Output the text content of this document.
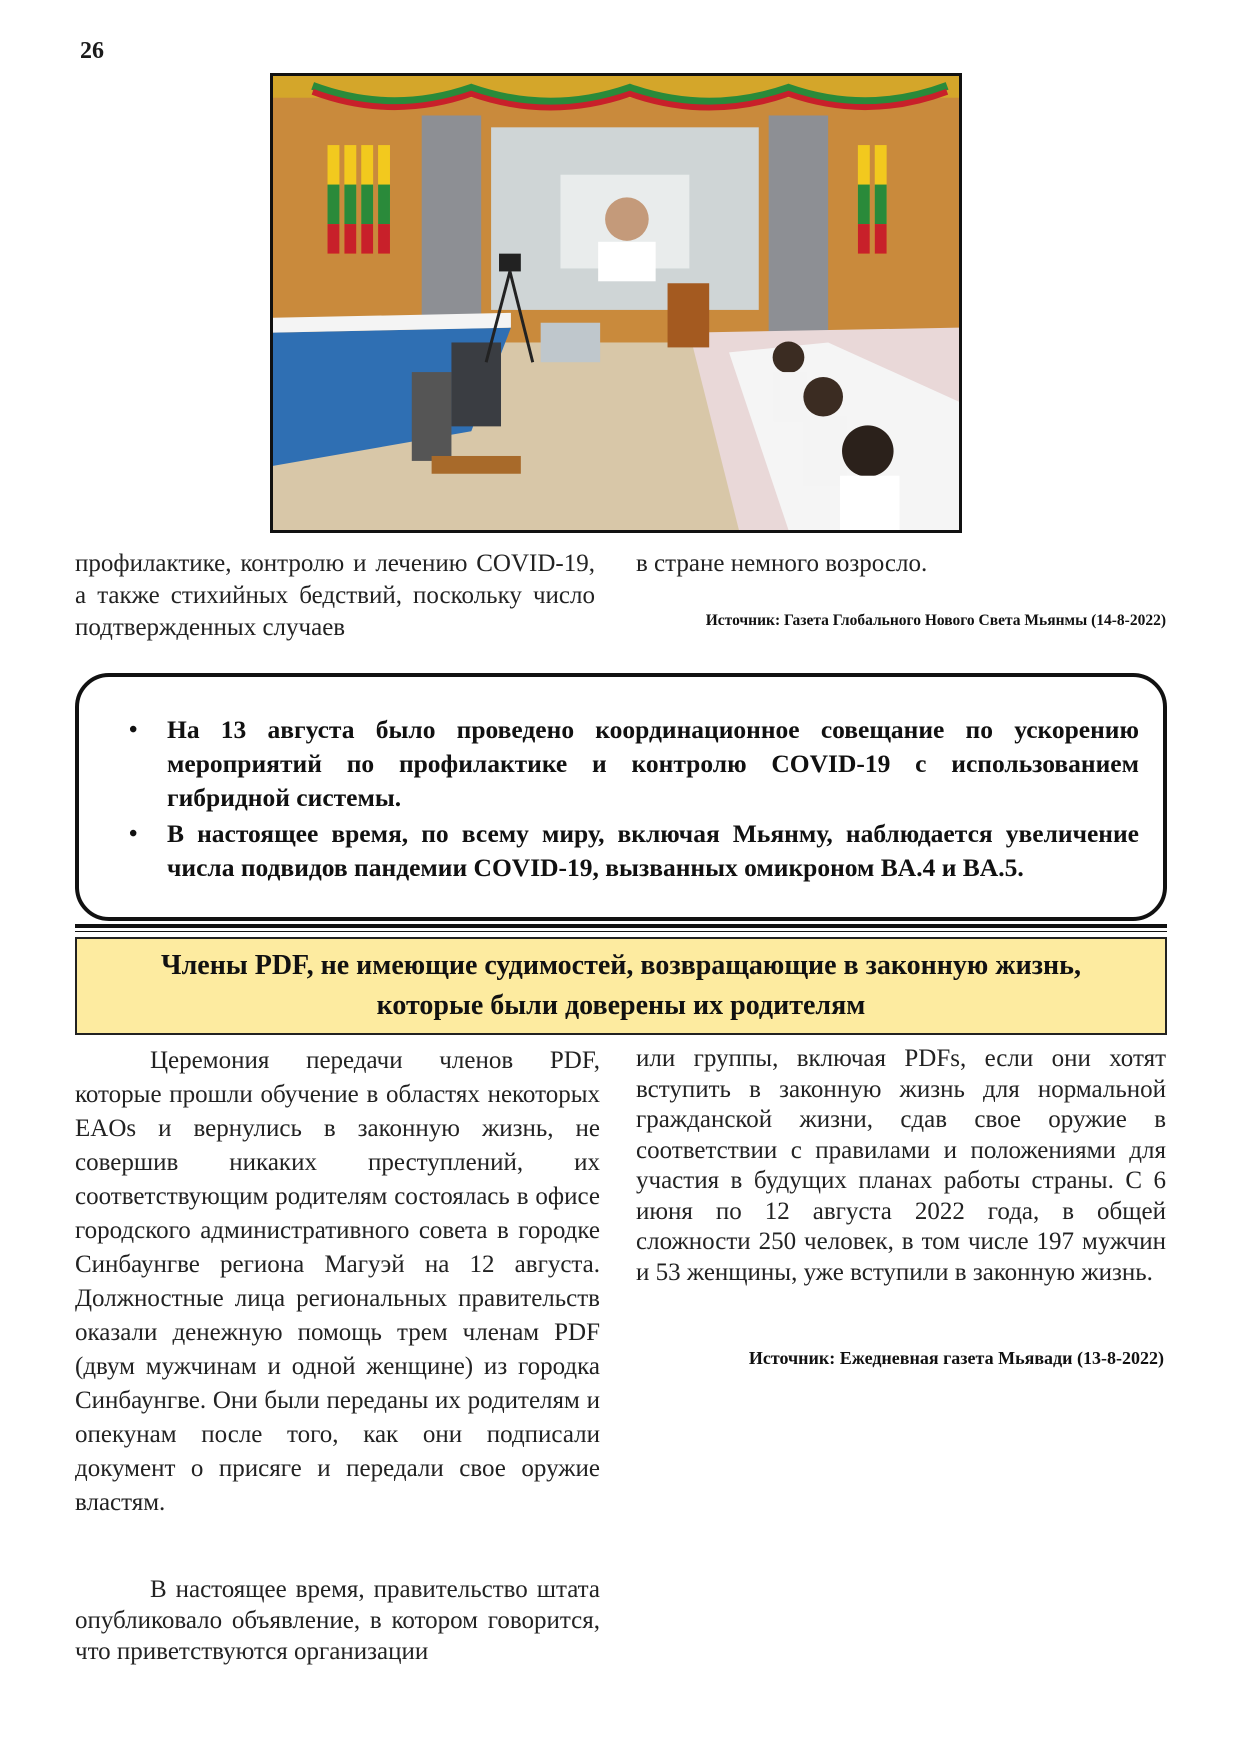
26
профилактике, контролю и лечению COVID-19, а также стихийных бедствий, поскольку число подтвержденных случаев
в стране немного возросло.
Источник: Газета Глобального Нового Света Мьянмы (14-8-2022)
• На 13 августа было проведено координационное совещание по ускорению мероприятий по профилактике и контролю COVID-19 с использованием гибридной системы.
• В настоящее время, по всему миру, включая Мьянму, наблюдается увеличение числа подвидов пандемии COVID-19, вызванных омикроном BA.4 и BA.5.
Члены PDF, не имеющие судимостей, возвращающие в законную жизнь, которые были доверены их родителям
Церемония передачи членов PDF, которые прошли обучение в областях некоторых EAOs и вернулись в законную жизнь, не совершив никаких преступлений, их соответствующим родителям состоялась в офисе городского административного совета в городке Синбаунгве региона Магуэй на 12 августа. Должностные лица региональных правительств оказали денежную помощь трем членам PDF (двум мужчинам и одной женщине) из городка Синбаунгве. Они были переданы их родителям и опекунам после того, как они подписали документ о присяге и передали свое оружие властям.
В настоящее время, правительство штата опубликовало объявление, в котором говорится, что приветствуются организации
или группы, включая PDFs, если они хотят вступить в законную жизнь для нормальной гражданской жизни, сдав свое оружие в соответствии с правилами и положениями для участия в будущих планах работы страны. С 6 июня по 12 августа 2022 года, в общей сложности 250 человек, в том числе 197 мужчин и 53 женщины, уже вступили в законную жизнь.
Источник: Ежедневная газета Мьявади (13-8-2022)
